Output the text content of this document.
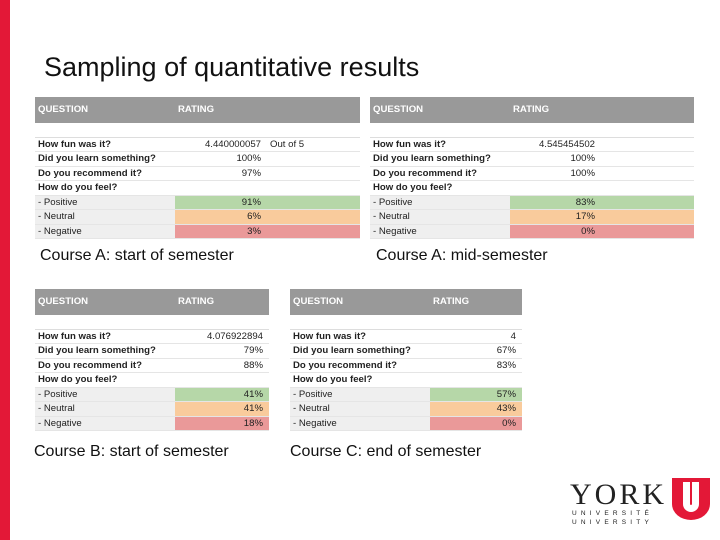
Sampling of quantitative results
QUESTION	RATING
How fun was it?	4.440000057 Out of 5
Did you learn something?	100%
Do you recommend it?	97%
How do you feel?
- Positive	91%
- Neutral	6%
- Negative	3%
Course A: start of semester
QUESTION	RATING
How fun was it?	4.545454502
Did you learn something?	100%
Do you recommend it?	100%
How do you feel?
- Positive	83%
- Neutral	17%
- Negative	0%
Course A: mid-semester
QUESTION	RATING
How fun was it?	4.076922894
Did you learn something?	79%
Do you recommend it?	88%
How do you feel?
- Positive	41%
- Neutral	41%
- Negative	18%
Course B: start of semester
QUESTION	RATING
How fun was it?	4
Did you learn something?	67%
Do you recommend it?	83%
How do you feel?
- Positive	57%
- Neutral	43%
- Negative	0%
Course C: end of semester
YORK
UNIVERSITÉ
UNIVERSITY
